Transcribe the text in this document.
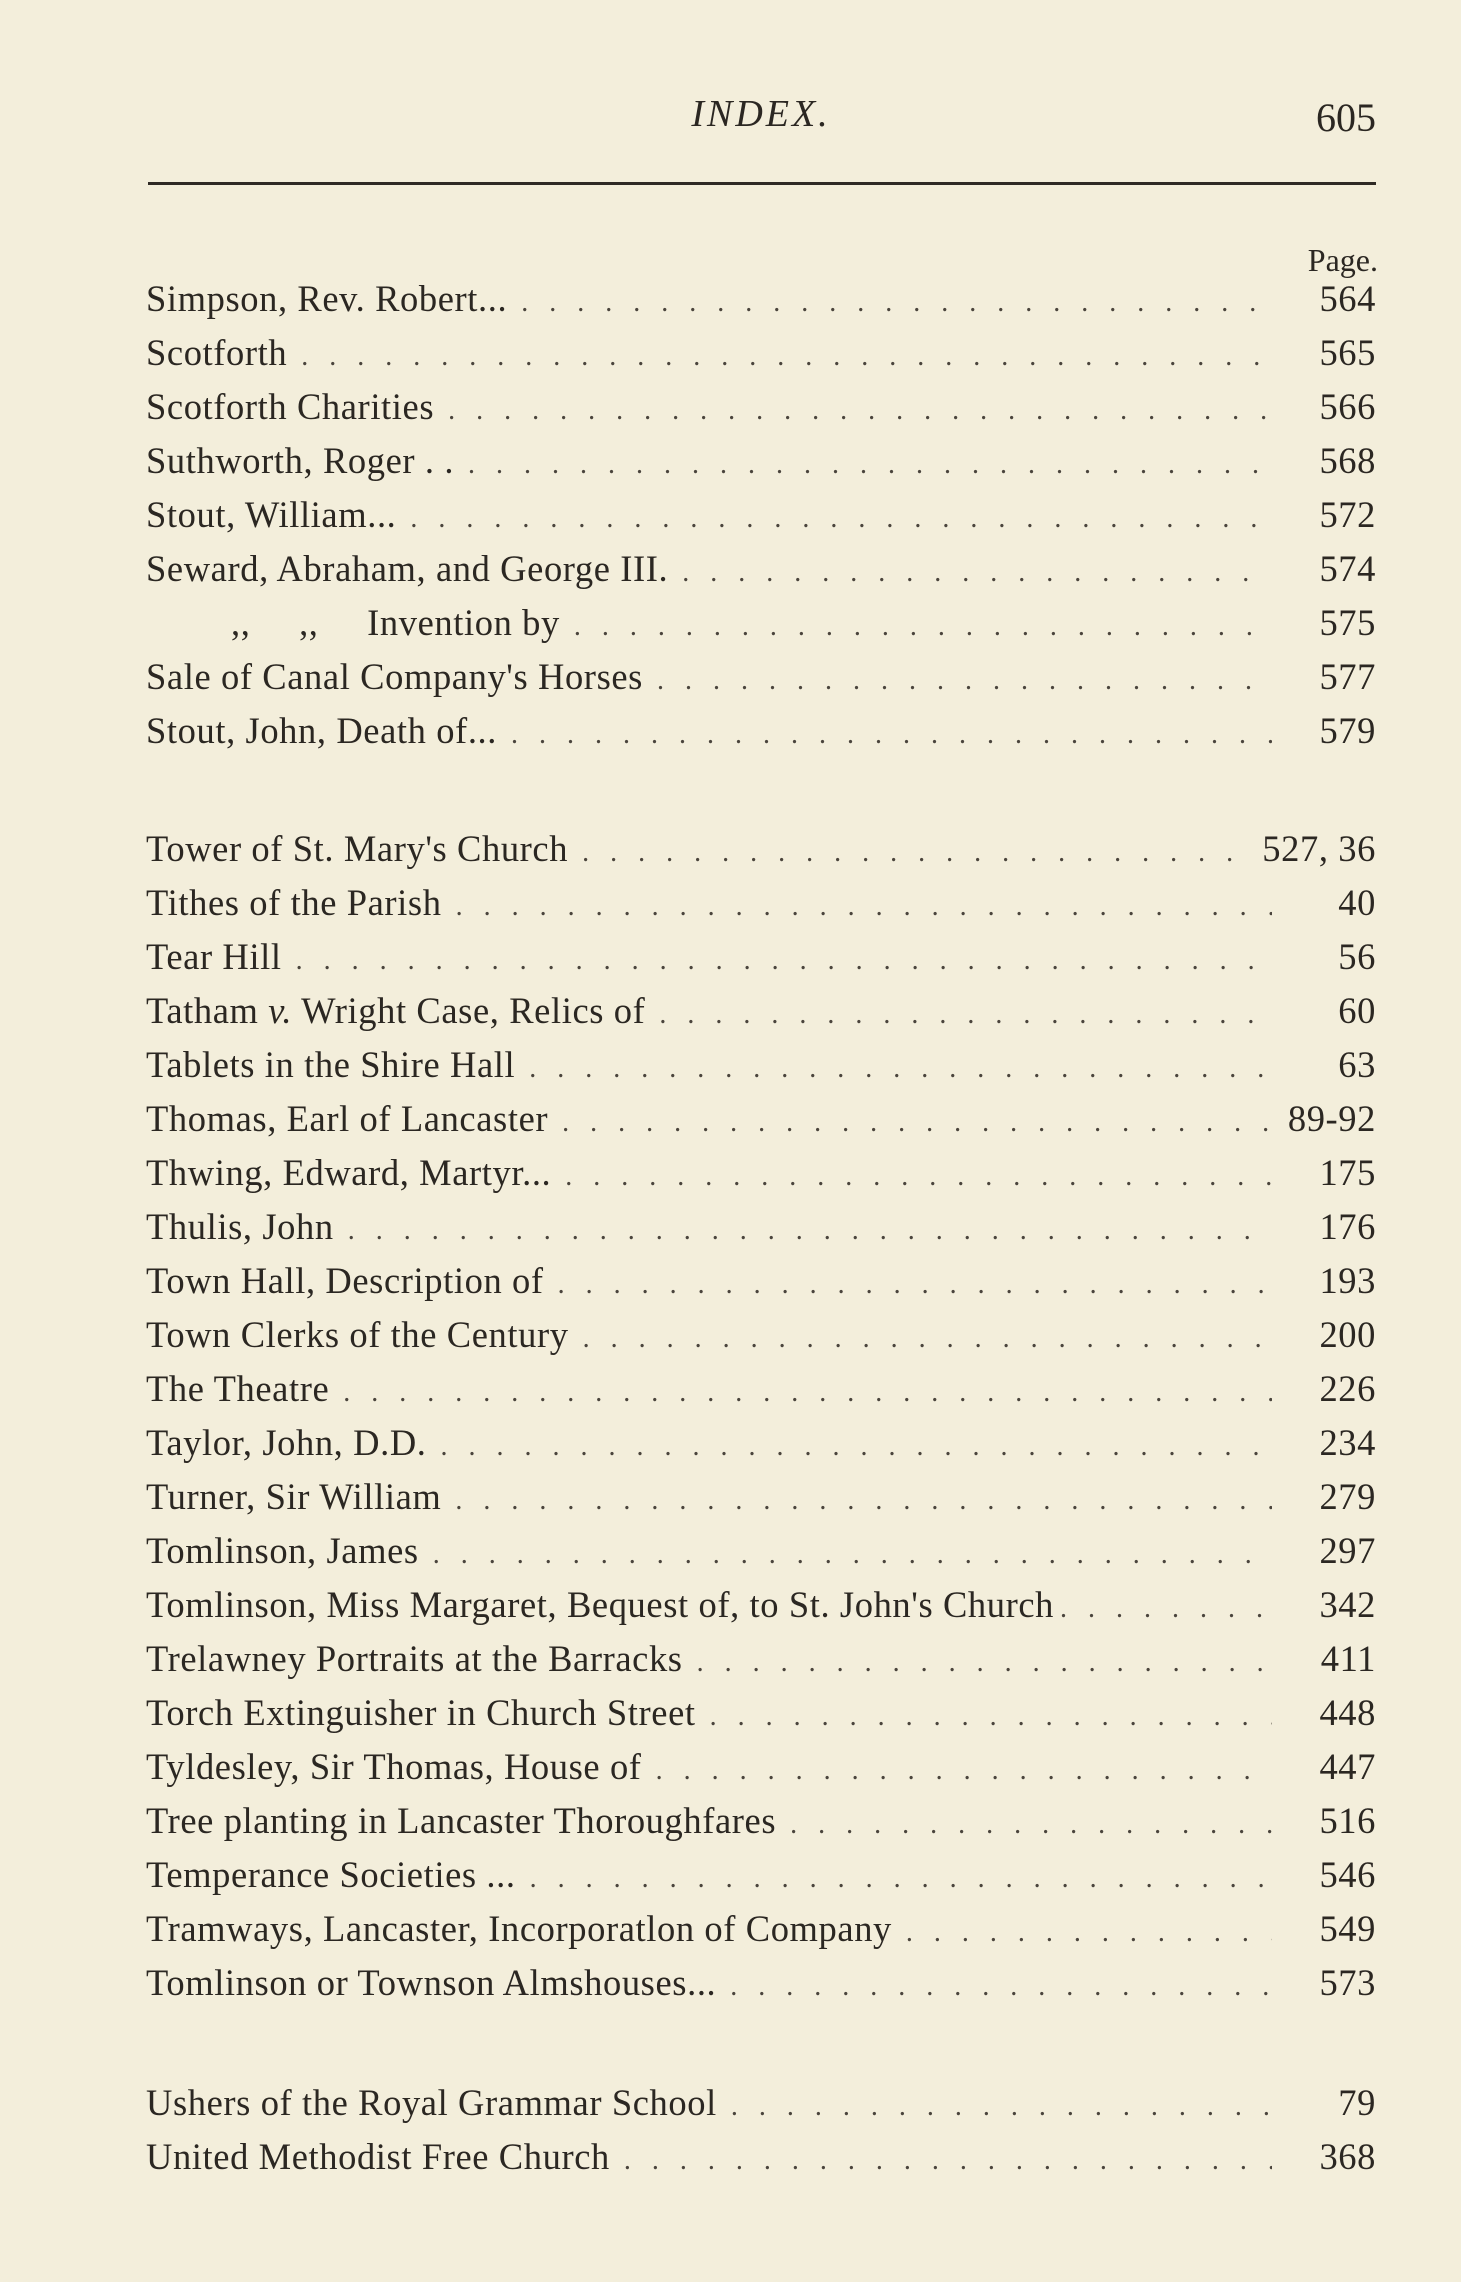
INDEX.	605
Page.
Simpson, Rev. Robert... . . .	564
Scotforth . . .	565
Scotforth Charities . . .	566
Suthworth, Roger . . . . .	568
Stout, William... . . .	572
Seward, Abraham, and George III. . . .	574
,,     ,,     Invention by . . .	575
Sale of Canal Company's Horses . . .	577
Stout, John, Death of... . . .	579
Tower of St. Mary's Church . . .	527, 36
Tithes of the Parish . . .	40
Tear Hill . . .	56
Tatham v. Wright Case, Relics of . . .	60
Tablets in the Shire Hall . . .	63
Thomas, Earl of Lancaster . . .	89-92
Thwing, Edward, Martyr... . . .	175
Thulis, John . . .	176
Town Hall, Description of . . .	193
Town Clerks of the Century . . .	200
The Theatre . . .	226
Taylor, John, D.D. . . .	234
Turner, Sir William . . .	279
Tomlinson, James . . .	297
Tomlinson, Miss Margaret, Bequest of, to St. John's Church . . .	342
Trelawney Portraits at the Barracks . . .	411
Torch Extinguisher in Church Street . . .	448
Tyldesley, Sir Thomas, House of . . .	447
Tree planting in Lancaster Thoroughfares . . .	516
Temperance Societies ... . . .	546
Tramways, Lancaster, Incorporatlon of Company . . .	549
Tomlinson or Townson Almshouses... . . .	573
Ushers of the Royal Grammar School . . .	79
United Methodist Free Church . . .	368
